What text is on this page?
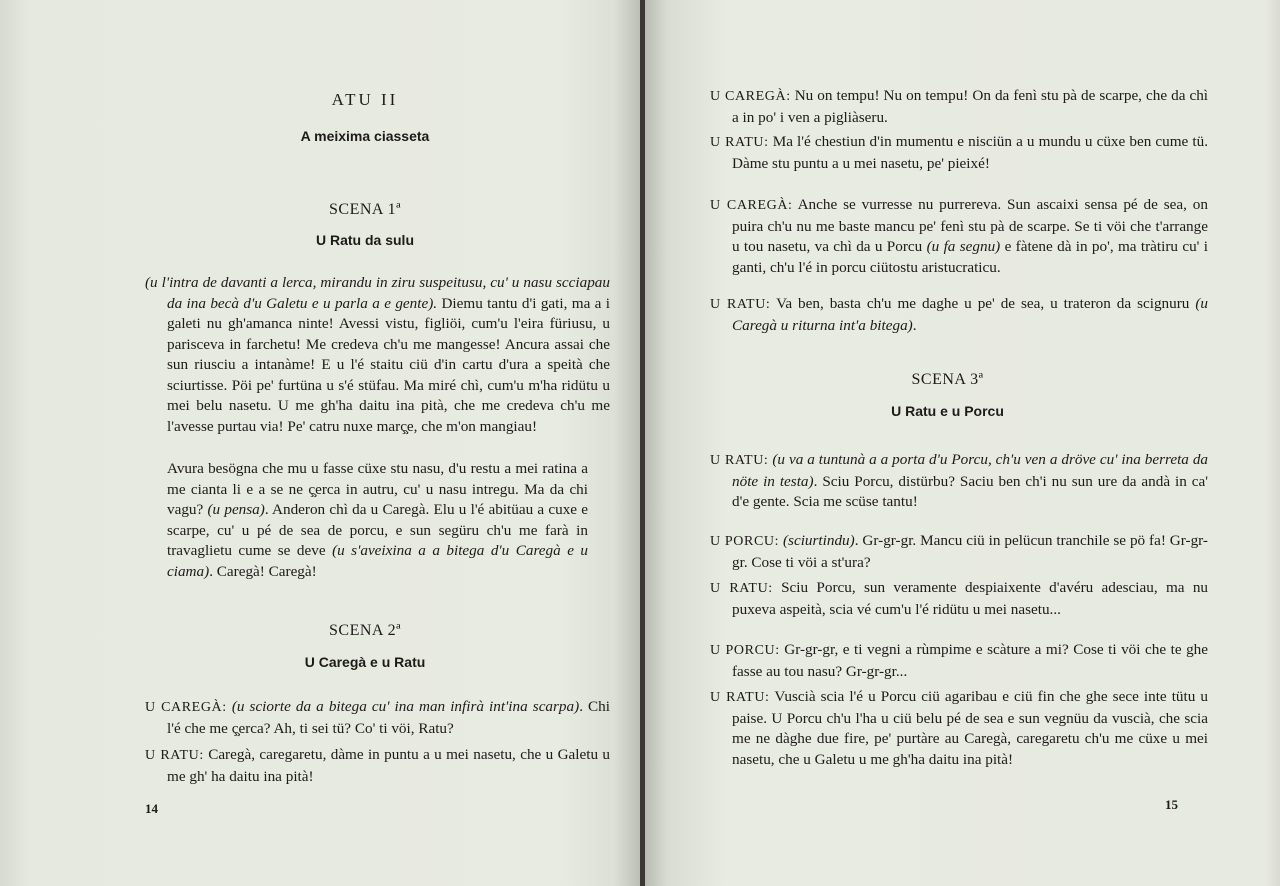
ATU II
A meixima ciasseta
SCENA 1ª
U Ratu da sulu

(u l'intra de davanti a lerca, mirandu in ziru suspeitusu, cu' u nasu scciapau da ina becà d'u Galetu e u parla a e gente). Diemu tantu d'i gati, ma a i galeti nu gh'amanca ninte! Avessi vistu, figliöi, cum'u l'eira füriusu, u parisceva in farchetu! Me credeva ch'u me mangesse! Ancura assai che sun riusciu a intanàme! E u l'é staitu ciü d'in cartu d'ura a speità che sciurtisse. Pöi pe' furtüna u s'é stüfau. Ma miré chì, cum'u m'ha ridütu u mei belu nasetu. U me gh'ha daitu ina pità, che me credeva ch'u me l'avesse purtau via! Pe' catru nuxe març̧e, che m'on mangiau!

Avura besögna che mu u fasse cüxe stu nasu, d'u restu a mei ratina a me cianta li e a se ne ç̧erca in autru, cu' u nasu intregu. Ma da chi vagu? (u pensa). Anderon chì da u Caregà. Elu u l'é abitüau a cuxe e scarpe, cu' u pé de sea de porcu, e sun següru ch'u me farà in travaglietu cume se deve (u s'aveixina a a bitega d'u Caregà e u ciama). Caregà! Caregà!

SCENA 2ª
U Caregà e u Ratu

U CAREGÀ: (u sciorte da a bitega cu' ina man infirà int'ina scarpa). Chi l'é che me ç̧erca? Ah, ti sei tü? Co' ti vöi, Ratu?

U RATU: Caregà, caregaretu, dàme in puntu a u mei nasetu, che u Galetu u me gh' ha daitu ina pità!

14

U CAREGÀ: Nu on tempu! Nu on tempu! On da fenì stu pà de scarpe, che da chì a in po' i ven a pigliàseru.

U RATU: Ma l'é chestiun d'in mumentu e nisciün a u mundu u cüxe ben cume tü. Dàme stu puntu a u mei nasetu, pe' pieixé!

U CAREGÀ: Anche se vurresse nu purrereva. Sun ascaixi sensa pé de sea, on puira ch'u nu me baste mancu pe' fenì stu pà de scarpe. Se ti vöi che t'arrange u tou nasetu, va chì da u Porcu (u fa segnu) e fàtene dà in po', ma tràtiru cu' i ganti, ch'u l'é in porcu ciütostu aristucraticu.

U RATU: Va ben, basta ch'u me daghe u pe' de sea, u trateron da scignuru (u Caregà u riturna int'a bitega).

SCENA 3ª
U Ratu e u Porcu

U RATU: (u va a tuntunà a a porta d'u Porcu, ch'u ven a dröve cu' ina berreta da nöte in testa). Sciu Porcu, distürbu? Saciu ben ch'i nu sun ure da andà in ca' d'e gente. Scia me scüse tantu!

U PORCU: (sciurtindu). Gr-gr-gr. Mancu ciü in pelücun tranchile se pö fa! Gr-gr-gr. Cose ti vöi a st'ura?

U RATU: Sciu Porcu, sun veramente despiaixente d'avéru adesciau, ma nu puxeva aspeità, scia vé cum'u l'é ridütu u mei nasetu...

U PORCU: Gr-gr-gr, e ti vegni a rùmpime e scàture a mi? Cose ti vöi che te ghe fasse au tou nasu? Gr-gr-gr...

U RATU: Vuscià scia l'é u Porcu ciü agaribau e ciü fin che ghe sece inte tütu u paise. U Porcu ch'u l'ha u ciü belu pé de sea e sun vegnüu da vuscià, che scia me ne dàghe due fire, pe' purtàre au Caregà, caregaretu ch'u me cüxe u mei nasetu, che u Galetu u me gh'ha daitu ina pità!

15
